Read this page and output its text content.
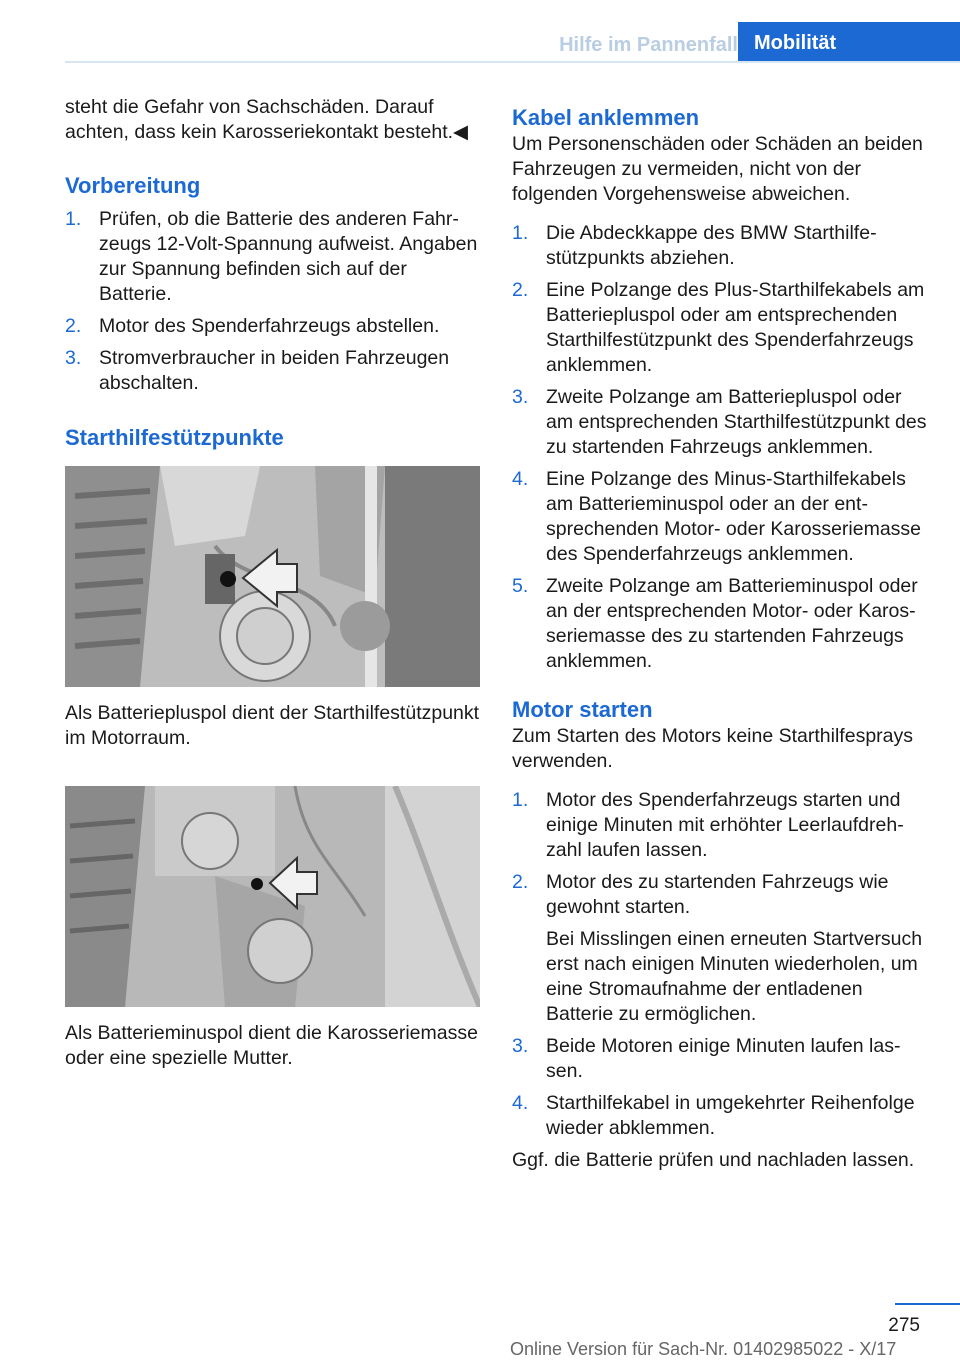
Hilfe im Pannenfall Mobilität

steht die Gefahr von Sachschäden. Darauf

achten, dass kein Karosseriekontakt besteht.◀

Vorbereitung
1. Prüfen, ob die Batterie des anderen Fahrzeugs 12-Volt-Spannung aufweist. Angaben zur Spannung befinden sich auf der Batterie.
2. Motor des Spenderfahrzeugs abstellen.
3. Stromverbraucher in beiden Fahrzeugen abschalten.
Starthilfestützpunkte

Als Batteriepluspol dient der Starthilfestützpunkt im Motorraum.

Als Batterieminuspol dient die Karosseriemasse oder eine spezielle Mutter.

Kabel anklemmen

Um Personenschäden oder Schäden an beiden Fahrzeugen zu vermeiden, nicht von der folgenden Vorgehensweise abweichen.

1. Die Abdeckkappe des BMW Starthilfestützpunkts abziehen.
2. Eine Polzange des Plus-Starthilfekabels am Batteriepluspol oder am entsprechenden Starthilfestützpunkt des Spenderfahrzeugs anklemmen.
3. Zweite Polzange am Batteriepluspol oder am entsprechenden Starthilfestützpunkt des zu startenden Fahrzeugs anklemmen.
4. Eine Polzange des Minus-Starthilfekabels am Batterieminuspol oder an der entsprechenden Motor- oder Karosseriemasse des Spenderfahrzeugs anklemmen.
5. Zweite Polzange am Batterieminuspol oder an der entsprechenden Motor- oder Karosseriemasse des zu startenden Fahrzeugs anklemmen.
Motor starten

Zum Starten des Motors keine Starthilfesprays verwenden.

1. Motor des Spenderfahrzeugs starten und einige Minuten mit erhöhter Leerlaufdrehzahl laufen lassen.
2. Motor des zu startenden Fahrzeugs wie gewohnt starten.
Bei Misslingen einen erneuten Startversuch erst nach einigen Minuten wiederholen, um eine Stromaufnahme der entladenen Batterie zu ermöglichen.
3. Beide Motoren einige Minuten laufen lassen.
4. Starthilfekabel in umgekehrter Reihenfolge wieder abklemmen.

Ggf. die Batterie prüfen und nachladen lassen.

275
Online Version für Sach-Nr. 01402985022 - X/17
